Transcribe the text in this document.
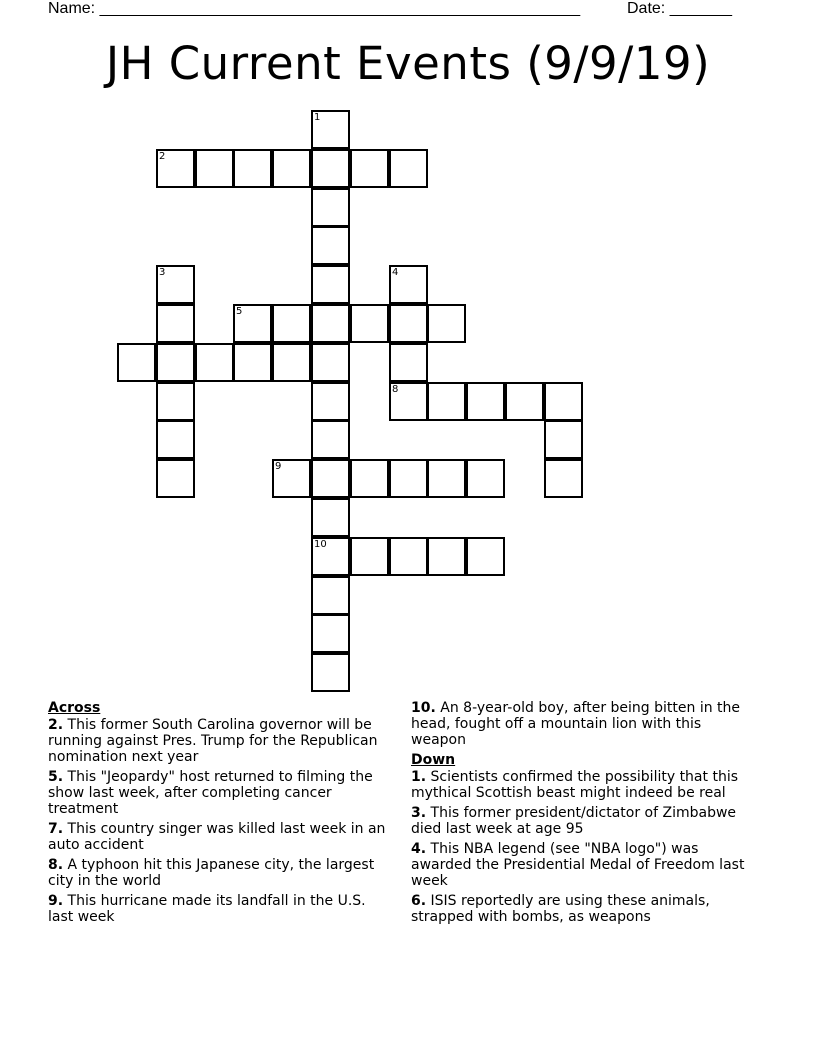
Name: ______________________________________________________	Date: _______
JH Current Events (9/9/19)
1
10
2
3	4
5
8
9
Across
2. This former South Carolina governor will be running against Pres. Trump for the Republican nomination next year
5. This "Jeopardy" host returned to filming the show last week, after completing cancer treatment
7. This country singer was killed last week in an auto accident
8. A typhoon hit this Japanese city, the largest city in the world
9. This hurricane made its landfall in the U.S. last week
10. An 8-year-old boy, after being bitten in the head, fought off a mountain lion with this weapon
Down
1. Scientists confirmed the possibility that this mythical Scottish beast might indeed be real
3. This former president/dictator of Zimbabwe died last week at age 95
4. This NBA legend (see "NBA logo") was awarded the Presidential Medal of Freedom last week
6. ISIS reportedly are using these animals, strapped with bombs, as weapons
